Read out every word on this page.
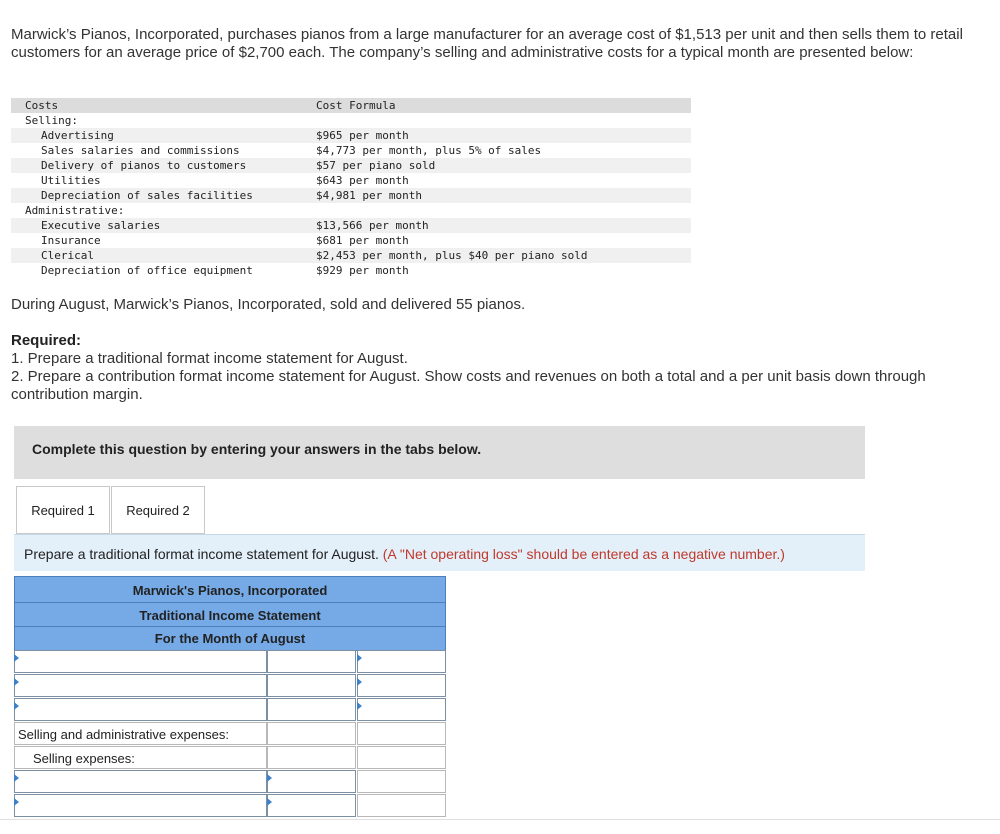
Marwick’s Pianos, Incorporated, purchases pianos from a large manufacturer for an average cost of $1,513 per unit and then sells them to retail customers for an average price of $2,700 each. The company’s selling and administrative costs for a typical month are presented below:
Costs	Cost Formula
Selling:
Advertising	$965 per month
Sales salaries and commissions	$4,773 per month, plus 5% of sales
Delivery of pianos to customers	$57 per piano sold
Utilities	$643 per month
Depreciation of sales facilities	$4,981 per month
Administrative:
Executive salaries	$13,566 per month
Insurance	$681 per month
Clerical	$2,453 per month, plus $40 per piano sold
Depreciation of office equipment	$929 per month
During August, Marwick’s Pianos, Incorporated, sold and delivered 55 pianos.
Required:
1. Prepare a traditional format income statement for August.
2. Prepare a contribution format income statement for August. Show costs and revenues on both a total and a per unit basis down through contribution margin.
Complete this question by entering your answers in the tabs below.
Required 1	Required 2
Prepare a traditional format income statement for August. (A "Net operating loss" should be entered as a negative number.)
Marwick's Pianos, Incorporated
Traditional Income Statement
For the Month of August
Selling and administrative expenses:
Selling expenses:
